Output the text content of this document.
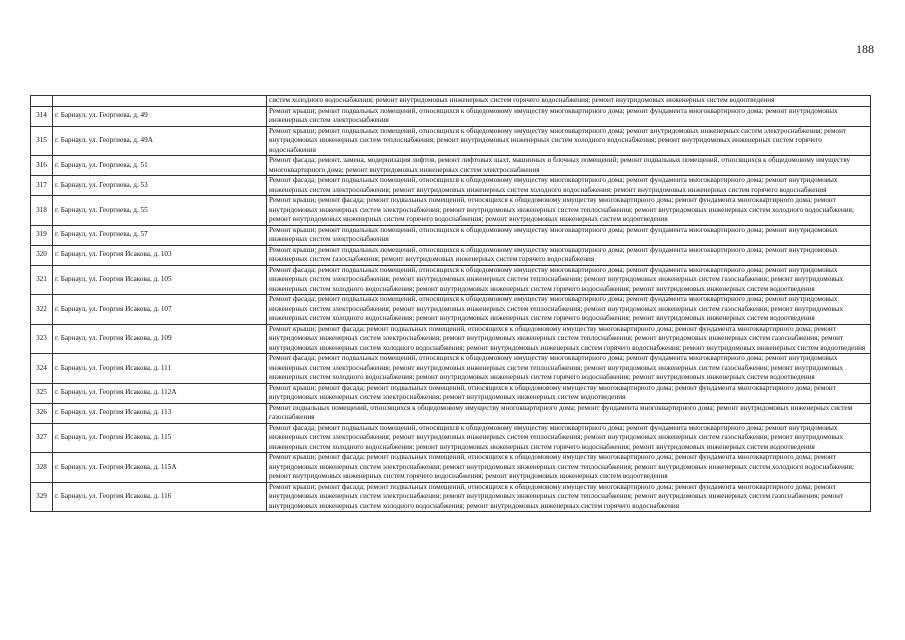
188
		систем холодного водоснабжения; ремонт внутридомовых инженерных систем горячего водоснабжения; ремонт внутридомовых инженерных систем водоотведения
314	г. Барнаул, ул. Георгиева, д. 49	Ремонт крыши; ремонт подвальных помещений, относящихся к общедомовому имуществу многоквартирного дома; ремонт фундамента многоквартирного дома; ремонт внутридомовых инженерных систем электроснабжения
315	г. Барнаул, ул. Георгиева, д. 49А	Ремонт крыши; ремонт подвальных помещений, относящихся к общедомовому имуществу многоквартирного дома; ремонт внутридомовых инженерных систем электроснабжения; ремонт внутридомовых инженерных систем теплоснабжения; ремонт внутридомовых инженерных систем холодного водоснабжения; ремонт внутридомовых инженерных систем горячего водоснабжения
316	г. Барнаул, ул. Георгиева, д. 51	Ремонт фасада; ремонт, замена, модернизация лифтов, ремонт лифтовых шахт, машинных и блочных помещений; ремонт подвальных помещений, относящихся к общедомовому имуществу многоквартирного дома; ремонт внутридомовых инженерных систем электроснабжения
317	г. Барнаул, ул. Георгиева, д. 53	Ремонт фасада; ремонт подвальных помещений, относящихся к общедомовому имуществу многоквартирного дома; ремонт фундамента многоквартирного дома; ремонт внутридомовых инженерных систем электроснабжения; ремонт внутридомовых инженерных систем холодного водоснабжения; ремонт внутридомовых инженерных систем горячего водоснабжения
318	г. Барнаул, ул. Георгиева, д. 55	Ремонт крыши; ремонт фасада; ремонт подвальных помещений, относящихся к общедомовому имуществу многоквартирного дома; ремонт фундамента многоквартирного дома; ремонт внутридомовых инженерных систем электроснабжения; ремонт внутридомовых инженерных систем теплоснабжения; ремонт внутридомовых инженерных систем холодного водоснабжения; ремонт внутридомовых инженерных систем горячего водоснабжения; ремонт внутридомовых инженерных систем водоотведения
319	г. Барнаул, ул. Георгиева, д. 57	Ремонт крыши; ремонт подвальных помещений, относящихся к общедомовому имуществу многоквартирного дома; ремонт фундамента многоквартирного дома; ремонт внутридомовых инженерных систем электроснабжения
320	г. Барнаул, ул. Георгия Исакова, д. 103	Ремонт крыши; ремонт подвальных помещений, относящихся к общедомовому имуществу многоквартирного дома; ремонт фундамента многоквартирного дома; ремонт внутридомовых инженерных систем газоснабжения; ремонт внутридомовых инженерных систем горячего водоснабжения
321	г. Барнаул, ул. Георгия Исакова, д. 105	Ремонт фасада; ремонт подвальных помещений, относящихся к общедомовому имуществу многоквартирного дома; ремонт фундамента многоквартирного дома; ремонт внутридомовых инженерных систем электроснабжения; ремонт внутридомовых инженерных систем теплоснабжения; ремонт внутридомовых инженерных систем газоснабжения; ремонт внутридомовых инженерных систем холодного водоснабжения; ремонт внутридомовых инженерных систем горячего водоснабжения; ремонт внутридомовых инженерных систем водоотведения
322	г. Барнаул, ул. Георгия Исакова, д. 107	Ремонт фасада; ремонт подвальных помещений, относящихся к общедомовому имуществу многоквартирного дома; ремонт фундамента многоквартирного дома; ремонт внутридомовых инженерных систем электроснабжения; ремонт внутридомовых инженерных систем теплоснабжения; ремонт внутридомовых инженерных систем газоснабжения; ремонт внутридомовых инженерных систем холодного водоснабжения; ремонт внутридомовых инженерных систем горячего водоснабжения; ремонт внутридомовых инженерных систем водоотведения
323	г. Барнаул, ул. Георгия Исакова, д. 109	Ремонт крыши; ремонт фасада; ремонт подвальных помещений, относящихся к общедомовому имуществу многоквартирного дома; ремонт фундамента многоквартирного дома; ремонт внутридомовых инженерных систем электроснабжения; ремонт внутридомовых инженерных систем теплоснабжения; ремонт внутридомовых инженерных систем газоснабжения; ремонт внутридомовых инженерных систем холодного водоснабжения; ремонт внутридомовых инженерных систем горячего водоснабжения; ремонт внутридомовых инженерных систем водоотведения
324	г. Барнаул, ул. Георгия Исакова, д. 111	Ремонт фасада; ремонт подвальных помещений, относящихся к общедомовому имуществу многоквартирного дома; ремонт фундамента многоквартирного дома; ремонт внутридомовых инженерных систем электроснабжения; ремонт внутридомовых инженерных систем теплоснабжения; ремонт внутридомовых инженерных систем газоснабжения; ремонт внутридомовых инженерных систем холодного водоснабжения; ремонт внутридомовых инженерных систем горячего водоснабжения; ремонт внутридомовых инженерных систем водоотведения
325	г. Барнаул, ул. Георгия Исакова, д. 112А	Ремонт крыши; ремонт фасада; ремонт подвальных помещений, относящихся к общедомовому имуществу многоквартирного дома; ремонт фундамента многоквартирного дома; ремонт внутридомовых инженерных систем электроснабжения; ремонт внутридомовых инженерных систем водоотведения
326	г. Барнаул, ул. Георгия Исакова, д. 113	Ремонт подвальных помещений, относящихся к общедомовому имуществу многоквартирного дома; ремонт фундамента многоквартирного дома; ремонт внутридомовых инженерных систем газоснабжения
327	г. Барнаул, ул. Георгия Исакова, д. 115	Ремонт фасада; ремонт подвальных помещений, относящихся к общедомовому имуществу многоквартирного дома; ремонт фундамента многоквартирного дома; ремонт внутридомовых инженерных систем электроснабжения; ремонт внутридомовых инженерных систем теплоснабжения; ремонт внутридомовых инженерных систем газоснабжения; ремонт внутридомовых инженерных систем холодного водоснабжения; ремонт внутридомовых инженерных систем горячего водоснабжения; ремонт внутридомовых инженерных систем водоотведения
328	г. Барнаул, ул. Георгия Исакова, д. 115А	Ремонт крыши; ремонт фасада; ремонт подвальных помещений, относящихся к общедомовому имуществу многоквартирного дома; ремонт фундамента многоквартирного дома; ремонт внутридомовых инженерных систем электроснабжения; ремонт внутридомовых инженерных систем теплоснабжения; ремонт внутридомовых инженерных систем холодного водоснабжения; ремонт внутридомовых инженерных систем горячего водоснабжения; ремонт внутридомовых инженерных систем водоотведения
329	г. Барнаул, ул. Георгия Исакова, д. 116	Ремонт крыши; ремонт фасада; ремонт подвальных помещений, относящихся к общедомовому имуществу многоквартирного дома; ремонт фундамента многоквартирного дома; ремонт внутридомовых инженерных систем электроснабжения; ремонт внутридомовых инженерных систем теплоснабжения; ремонт внутридомовых инженерных систем газоснабжения; ремонт внутридомовых инженерных систем холодного водоснабжения; ремонт внутридомовых инженерных систем горячего водоснабжения
